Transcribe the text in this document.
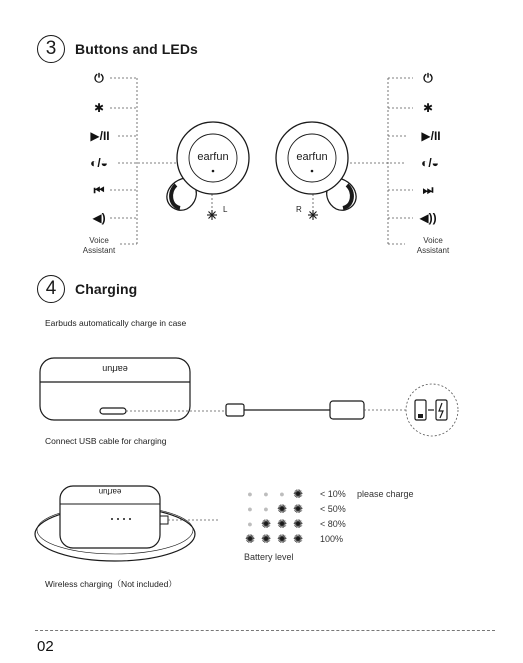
3	Buttons and LEDs
⏻
✱
▶/II
◐/◒
⏮
◀)
Voice
Assistant
⏻
✱
▶/II
◐/◒
⏭
◀))
Voice
Assistant
earfun	earfun
L	R
4	Charging
Earbuds automatically charge in case
earfun
Connect USB cable for charging
earfun
Wireless charging（Not included）
●	●	● ✺ < 10% please charge
●	● ✺ ✺ < 50%
● ✺ ✺ ✺ < 80%
✺ ✺ ✺ ✺ 100%
Battery level
02
